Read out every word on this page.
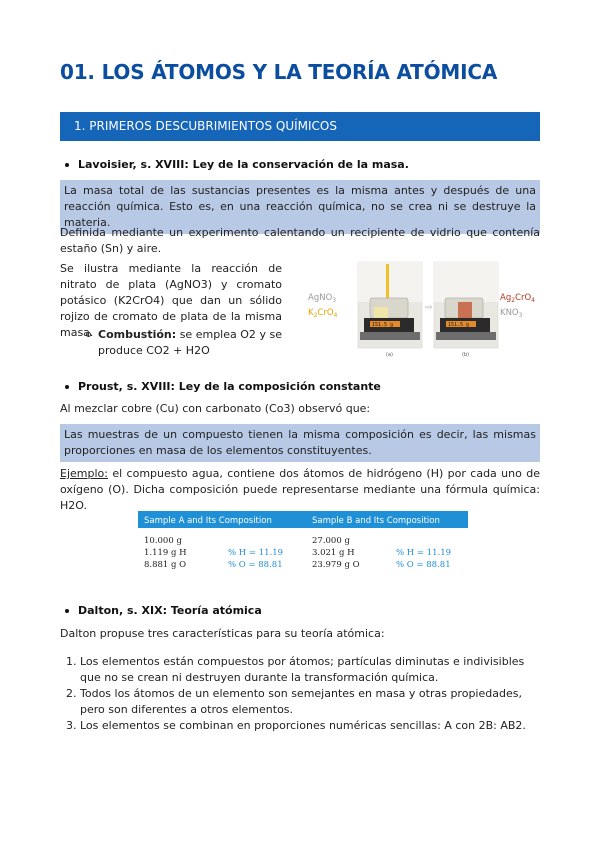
01. LOS ÁTOMOS Y LA TEORÍA ATÓMICA
1. PRIMEROS DESCUBRIMIENTOS QUÍMICOS
Lavoisier, s. XVIII: Ley de la conservación de la masa.
La masa total de las sustancias presentes es la misma antes y después de una reacción química. Esto es, en una reacción química, no se crea ni se destruye la materia.
Definida mediante un experimento calentando un recipiente de vidrio que contenía estaño (Sn) y aire.
Se ilustra mediante la reacción de nitrato de plata (AgNO3) y cromato potásico (K2CrO4) que dan un sólido rojizo de cromato de plata de la misma masa. Combustión: se emplea O2 y se produce CO2 + H2O
AgNO$_3$
$K_2CrO_4$
151.5 g
⇨
151.5 g
(a)	(b)
$Ag_2CrO_4$
$KNO_3$
Proust, s. XVIII: Ley de la composición constante
Al mezclar cobre (Cu) con carbonato (Co3) observó que:
Las muestras de un compuesto tienen la misma composición es decir, las mismas proporciones en masa de los elementos constituyentes.
Ejemplo: el compuesto agua, contiene dos átomos de hidrógeno (H) por cada uno de oxígeno (O). Dicha composición puede representarse mediante una fórmula química: H2O.
Sample A and Its Composition	Sample B and Its Composition
10.000 g
1.119 g H
8.881 g O
% H = 11.19
% O = 88.81
27.000 g
3.021 g H
23.979 g O
% H = 11.19
% O = 88.81
Dalton, s. XIX: Teoría atómica
Dalton propuse tres características para su teoría atómica:
1. Los elementos están compuestos por átomos; partículas diminutas e indivisibles que no se crean ni destruyen durante la transformación química.
2. Todos los átomos de un elemento son semejantes en masa y otras propiedades, pero son diferentes a otros elementos.
3. Los elementos se combinan en proporciones numéricas sencillas: A con 2B: AB2.
